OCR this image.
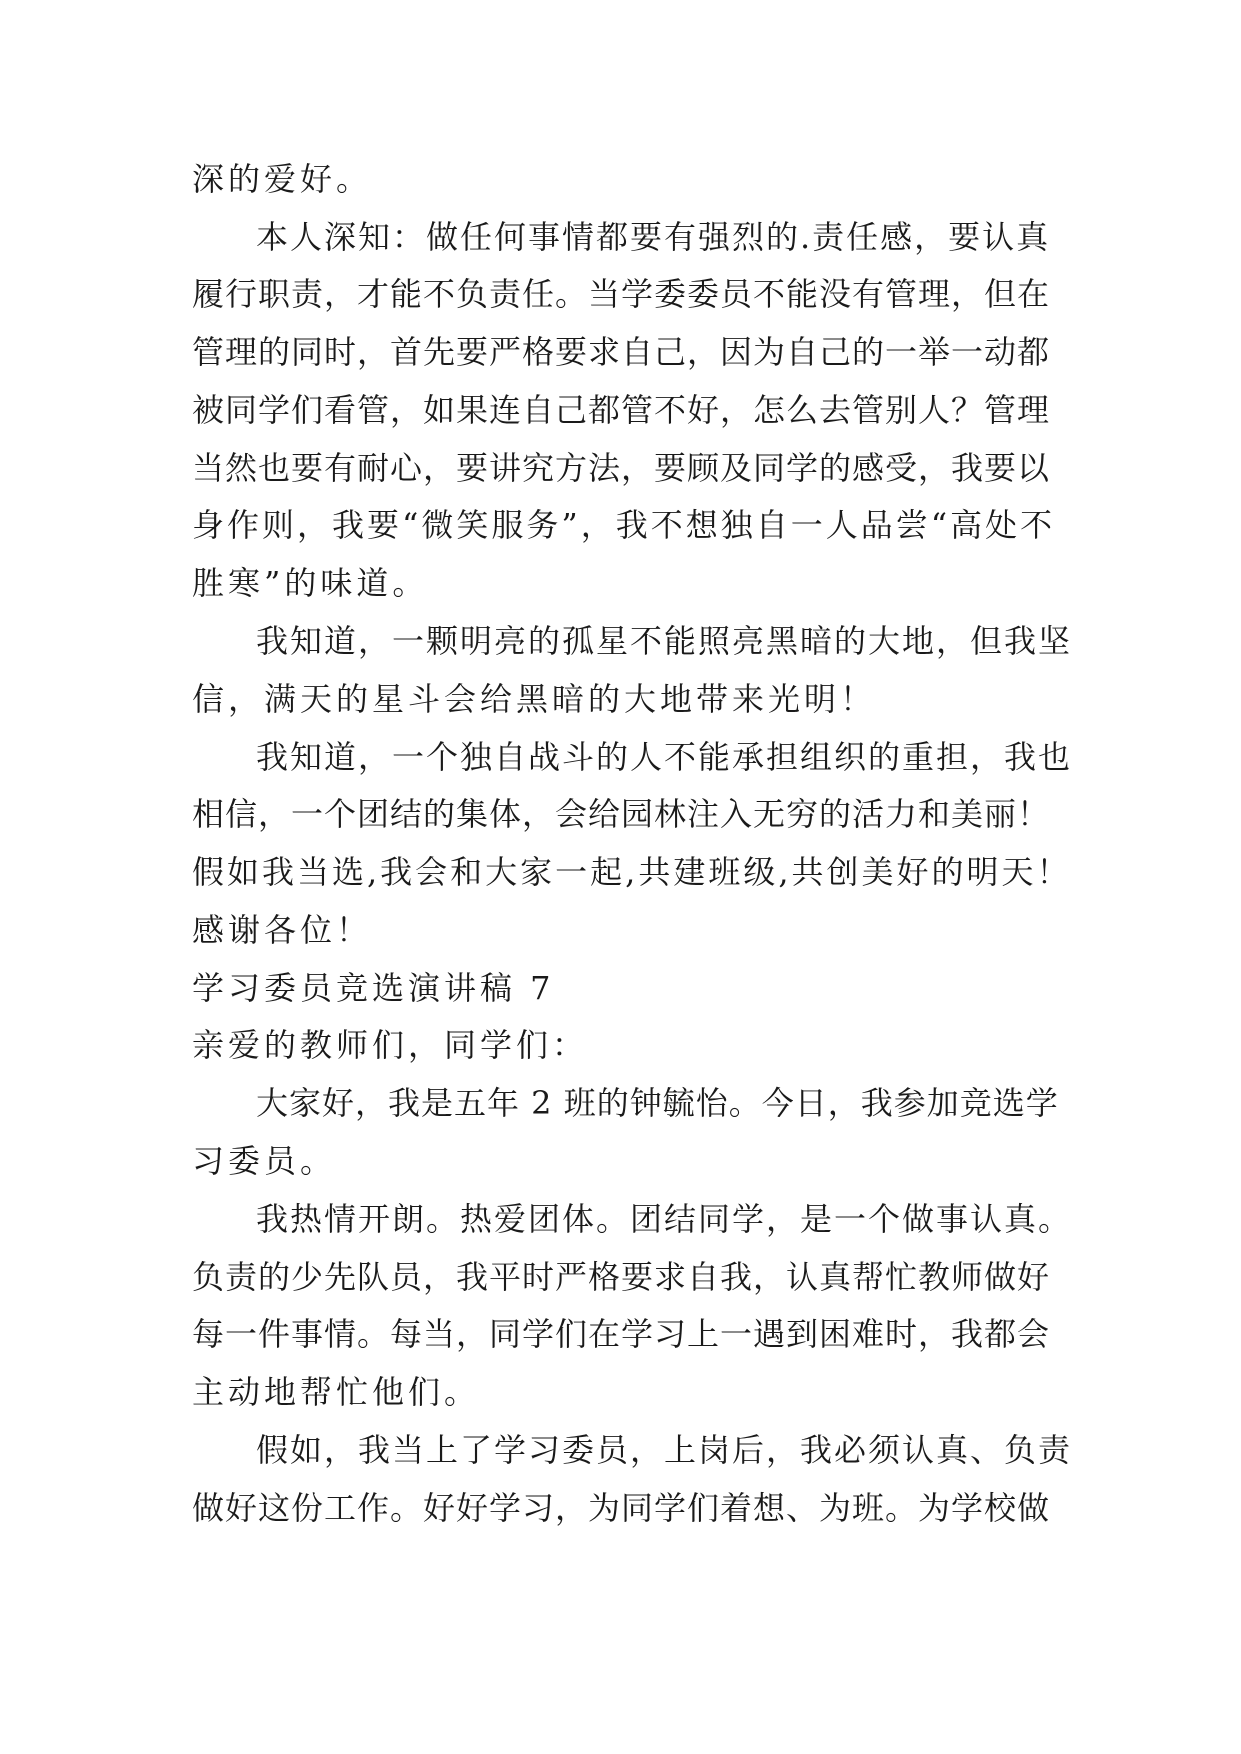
深的爱好。
本人深知：做任何事情都要有强烈的.责任感，要认真
履行职责，才能不负责任。当学委委员不能没有管理，但在
管理的同时，首先要严格要求自己，因为自己的一举一动都
被同学们看管，如果连自己都管不好，怎么去管别人？管理
当然也要有耐心，要讲究方法，要顾及同学的感受，我要以
身作则，我要“微笑服务”，我不想独自一人品尝“高处不
胜寒”的味道。
我知道，一颗明亮的孤星不能照亮黑暗的大地，但我坚
信，满天的星斗会给黑暗的大地带来光明！
我知道，一个独自战斗的人不能承担组织的重担，我也
相信，一个团结的集体，会给园林注入无穷的活力和美丽！
假如我当选,我会和大家一起,共建班级,共创美好的明天！
感谢各位！
学习委员竞选演讲稿 7
亲爱的教师们，同学们：
大家好，我是五年 2 班的钟毓怡。今日，我参加竞选学
习委员。
我热情开朗。热爱团体。团结同学，是一个做事认真。
负责的少先队员，我平时严格要求自我，认真帮忙教师做好
每一件事情。每当，同学们在学习上一遇到困难时，我都会
主动地帮忙他们。
假如，我当上了学习委员，上岗后，我必须认真、负责
做好这份工作。好好学习，为同学们着想、为班。为学校做
